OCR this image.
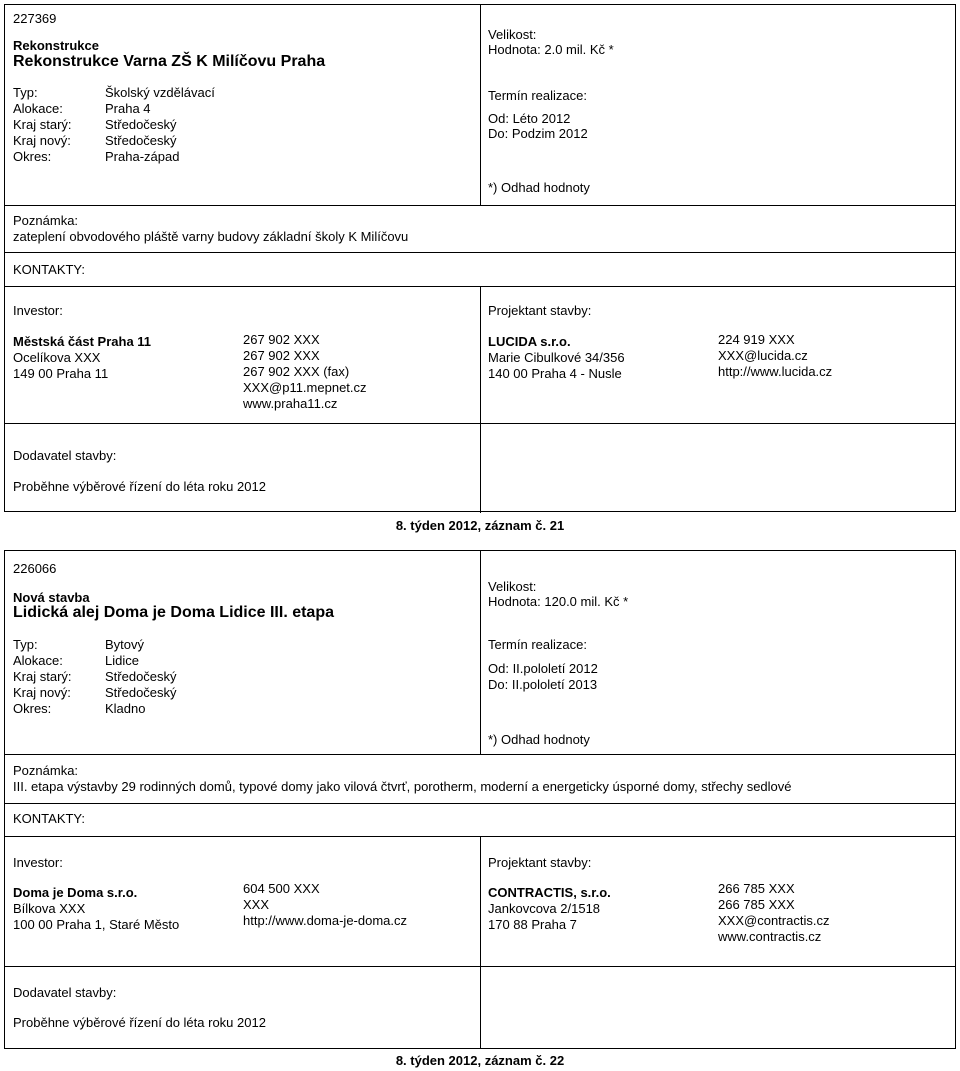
227369
Rekonstrukce
Rekonstrukce Varna ZŠ K Milíčovu Praha
Typ:	Školský vzdělávací
Alokace:	Praha 4
Kraj starý:	Středočeský
Kraj nový:	Středočeský
Okres:	Praha-západ
Velikost:
Hodnota: 2.0 mil. Kč *
Termín realizace:
Od: Léto 2012
Do: Podzim 2012
*) Odhad hodnoty
Poznámka:
zateplení obvodového pláště varny budovy základní školy K Milíčovu
KONTAKTY:
Investor:
Městská část Praha 11
Ocelíkova XXX
149 00 Praha 11
267 902 XXX
267 902 XXX
267 902 XXX (fax)
XXX@p11.mepnet.cz
www.praha11.cz
Projektant stavby:
LUCIDA s.r.o.
Marie Cibulkové 34/356
140 00 Praha 4 - Nusle
224 919 XXX
XXX@lucida.cz
http://www.lucida.cz
Dodavatel stavby:
Proběhne výběrové řízení do léta roku 2012
8. týden 2012, záznam č. 21
226066
Nová stavba
Lidická alej Doma je Doma Lidice III. etapa
Typ:	Bytový
Alokace:	Lidice
Kraj starý:	Středočeský
Kraj nový:	Středočeský
Okres:	Kladno
Velikost:
Hodnota: 120.0 mil. Kč *
Termín realizace:
Od: II.pololetí 2012
Do: II.pololetí 2013
*) Odhad hodnoty
Poznámka:
III. etapa výstavby 29 rodinných domů, typové domy jako vilová čtvrť, porotherm, moderní a energeticky úsporné domy, střechy sedlové
KONTAKTY:
Investor:
Doma je Doma s.r.o.
Bílkova XXX
100 00 Praha 1, Staré Město
604 500 XXX
XXX
http://www.doma-je-doma.cz
Projektant stavby:
CONTRACTIS, s.r.o.
Jankovcova 2/1518
170 88 Praha 7
266 785 XXX
266 785 XXX
XXX@contractis.cz
www.contractis.cz
Dodavatel stavby:
Proběhne výběrové řízení do léta roku 2012
8. týden 2012, záznam č. 22
